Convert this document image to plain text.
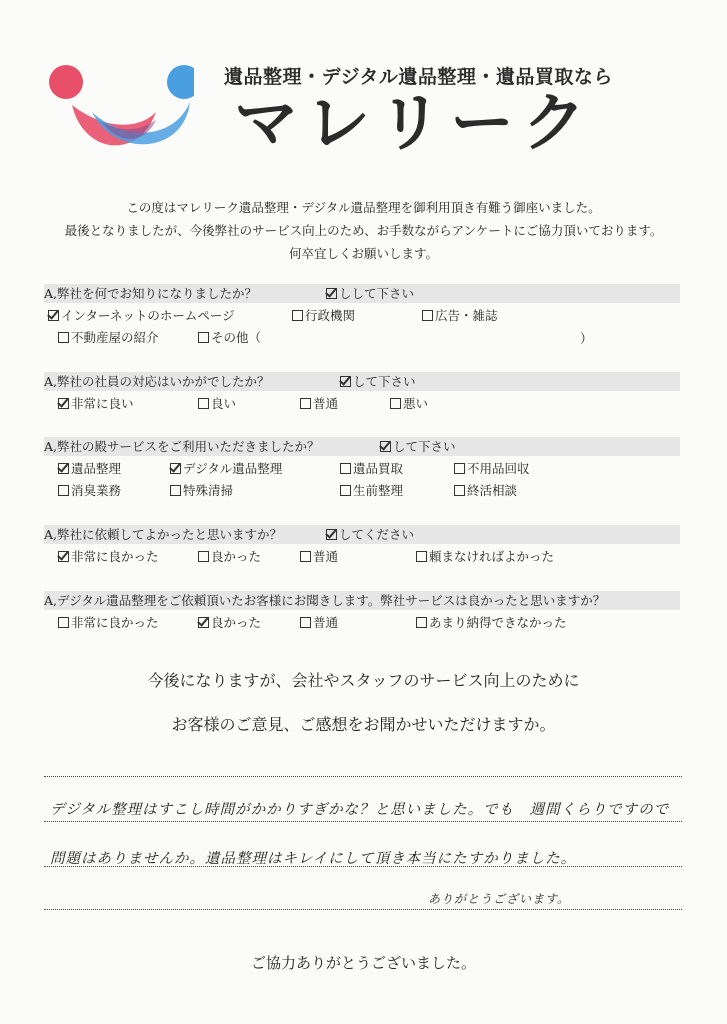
遺品整理・デジタル遺品整理・遺品買取なら
マレリーク
この度はマレリーク遺品整理・デジタル遺品整理を御利用頂き有難う御座いました。
最後となりましたが、今後弊社のサービス向上のため、お手数ながらアンケートにご協力頂いております。
何卒宜しくお願いします。
A,弊社を何でお知りになりましたか？	しして下さい
インターネットのホームページ	行政機関	広告・雑誌
不動産屋の紹介	その他（	）
A,弊社の社員の対応はいかがでしたか？	して下さい
非常に良い	良い	普通	悪い
A,弊社の殿サービスをご利用いただきましたか？	して下さい
遺品整理	デジタル遺品整理	遺品買取	不用品回収
消臭業務	特殊清掃	生前整理	終活相談
A,弊社に依頼してよかったと思いますか？	してください
非常に良かった	良かった	普通	頼まなければよかった
A,デジタル遺品整理をご依頼頂いたお客様にお聞きします。弊社サービスは良かったと思いますか？
非常に良かった	良かった	普通	あまり納得できなかった
今後になりますが、会社やスタッフのサービス向上のために
お客様のご意見、ご感想をお聞かせいただけますか。
デジタル整理はすこし時間がかかりすぎかな？と思いました。でも　週間くらりですので
問題はありませんか。遺品整理はキレイにして頂き本当にたすかりました。
ありがとうございます。
ご協力ありがとうございました。
